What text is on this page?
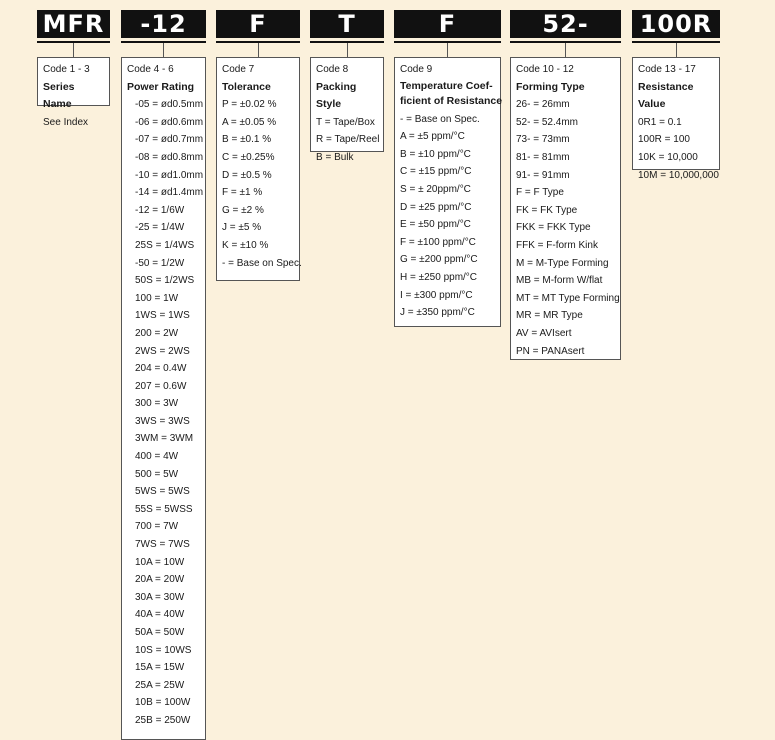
MFR
Code 1 - 3
Series Name
See Index
-12
Code 4 - 6
Power Rating
-05 = ød0.5mm
-06 = ød0.6mm
-07 = ød0.7mm
-08 = ød0.8mm
-10 = ød1.0mm
-14 = ød1.4mm
-12 = 1/6W
-25 = 1/4W
25S = 1/4WS
-50 = 1/2W
50S = 1/2WS
100 = 1W
1WS = 1WS
200 = 2W
2WS = 2WS
204 = 0.4W
207 = 0.6W
300 = 3W
3WS = 3WS
3WM = 3WM
400 = 4W
500 = 5W
5WS = 5WS
55S = 5WSS
700 = 7W
7WS = 7WS
10A = 10W
20A = 20W
30A = 30W
40A = 40W
50A = 50W
10S = 10WS
15A = 15W
25A = 25W
10B = 100W
25B = 250W
F
Code 7
Tolerance
P = ±0.02 %
A = ±0.05 %
B = ±0.1 %
C = ±0.25%
D = ±0.5 %
F = ±1 %
G = ±2 %
J = ±5 %
K = ±10 %
- = Base on Spec.
T
Code 8
Packing Style
T = Tape/Box
R = Tape/Reel
B = Bulk
F
Code 9
Temperature Coef-
ficient of Resistance
- = Base on Spec.
A = ±5 ppm/°C
B = ±10 ppm/°C
C = ±15 ppm/°C
S = ± 20ppm/°C
D = ±25 ppm/°C
E = ±50 ppm/°C
F = ±100 ppm/°C
G = ±200 ppm/°C
H = ±250 ppm/°C
I = ±300 ppm/°C
J = ±350 ppm/°C
52-
Code 10 - 12
Forming Type
26- = 26mm
52- = 52.4mm
73- = 73mm
81- = 81mm
91- = 91mm
F = F Type
FK = FK Type
FKK = FKK Type
FFK = F-form Kink
M = M-Type Forming
MB = M-form W/flat
MT = MT Type Forming
MR = MR Type
AV = AVIsert
PN = PANAsert
100R
Code 13 - 17
Resistance Value
0R1 = 0.1
100R = 100
10K = 10,000
10M = 10,000,000
